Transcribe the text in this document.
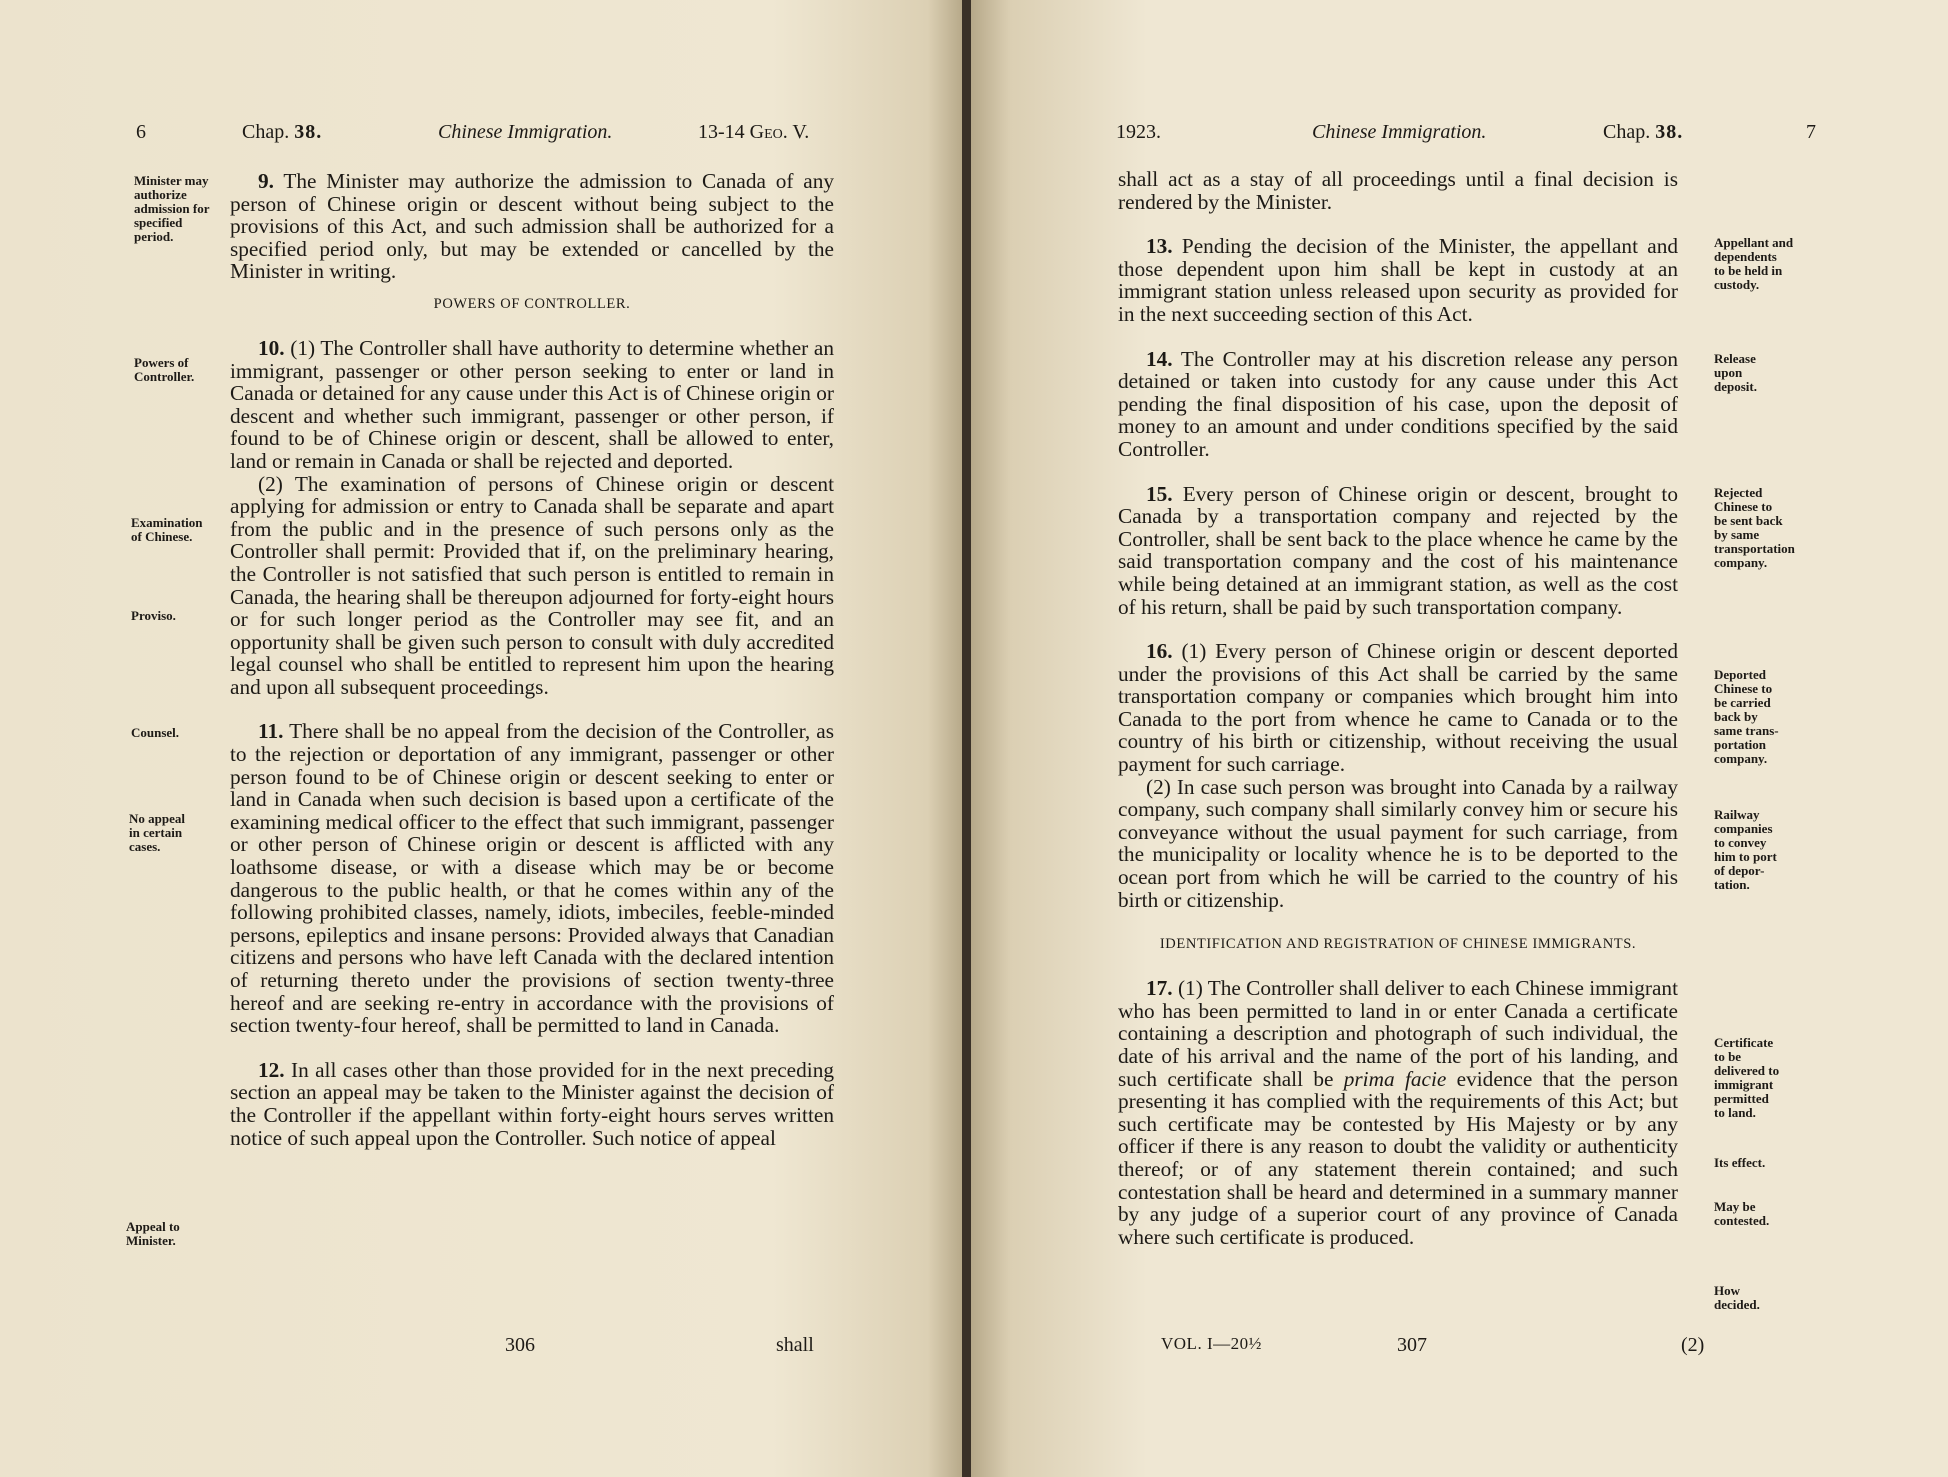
6	Chap. 38.	Chinese Immigration.	13-14 Geo. V.
Minister may
authorize
admission for
specified
period.
Powers of
Controller.
Examination
of Chinese.
Proviso.
Counsel.
No appeal
in certain
cases.
Appeal to
Minister.

9. The Minister may authorize the admission to Canada of any person of Chinese origin or descent without being subject to the provisions of this Act, and such admission shall be authorized for a specified period only, but may be extended or cancelled by the Minister in writing.

POWERS OF CONTROLLER.

10. (1) The Controller shall have authority to determine whether an immigrant, passenger or other person seeking to enter or land in Canada or detained for any cause under this Act is of Chinese origin or descent and whether such immigrant, passenger or other person, if found to be of Chinese origin or descent, shall be allowed to enter, land or remain in Canada or shall be rejected and deported.

(2) The examination of persons of Chinese origin or descent applying for admission or entry to Canada shall be separate and apart from the public and in the presence of such persons only as the Controller shall permit: Provided that if, on the preliminary hearing, the Controller is not satisfied that such person is entitled to remain in Canada, the hearing shall be thereupon adjourned for forty-eight hours or for such longer period as the Controller may see fit, and an opportunity shall be given such person to consult with duly accredited legal counsel who shall be entitled to represent him upon the hearing and upon all subsequent proceedings.

11. There shall be no appeal from the decision of the Controller, as to the rejection or deportation of any immigrant, passenger or other person found to be of Chinese origin or descent seeking to enter or land in Canada when such decision is based upon a certificate of the examining medical officer to the effect that such immigrant, passenger or other person of Chinese origin or descent is afflicted with any loathsome disease, or with a disease which may be or become dangerous to the public health, or that he comes within any of the following prohibited classes, namely, idiots, imbeciles, feeble-minded persons, epileptics and insane persons: Provided always that Canadian citizens and persons who have left Canada with the declared intention of returning thereto under the provisions of section twenty-three hereof and are seeking re-entry in accordance with the provisions of section twenty-four hereof, shall be permitted to land in Canada.

12. In all cases other than those provided for in the next preceding section an appeal may be taken to the Minister against the decision of the Controller if the appellant within forty-eight hours serves written notice of such appeal upon the Controller. Such notice of appeal

306	shall
1923.	Chinese Immigration.	Chap. 38.	7

shall act as a stay of all proceedings until a final decision is rendered by the Minister.

13. Pending the decision of the Minister, the appellant and those dependent upon him shall be kept in custody at an immigrant station unless released upon security as provided for in the next succeeding section of this Act.

14. The Controller may at his discretion release any person detained or taken into custody for any cause under this Act pending the final disposition of his case, upon the deposit of money to an amount and under conditions specified by the said Controller.

15. Every person of Chinese origin or descent, brought to Canada by a transportation company and rejected by the Controller, shall be sent back to the place whence he came by the said transportation company and the cost of his maintenance while being detained at an immigrant station, as well as the cost of his return, shall be paid by such transportation company.

16. (1) Every person of Chinese origin or descent deported under the provisions of this Act shall be carried by the same transportation company or companies which brought him into Canada to the port from whence he came to Canada or to the country of his birth or citizenship, without receiving the usual payment for such carriage.

(2) In case such person was brought into Canada by a railway company, such company shall similarly convey him or secure his conveyance without the usual payment for such carriage, from the municipality or locality whence he is to be deported to the ocean port from which he will be carried to the country of his birth or citizenship.

IDENTIFICATION AND REGISTRATION OF CHINESE IMMIGRANTS.

17. (1) The Controller shall deliver to each Chinese immigrant who has been permitted to land in or enter Canada a certificate containing a description and photograph of such individual, the date of his arrival and the name of the port of his landing, and such certificate shall be prima facie evidence that the person presenting it has complied with the requirements of this Act; but such certificate may be contested by His Majesty or by any officer if there is any reason to doubt the validity or authenticity thereof; or of any statement therein contained; and such contestation shall be heard and determined in a summary manner by any judge of a superior court of any province of Canada where such certificate is produced.

Appellant and
dependents
to be held in
custody.
Release
upon
deposit.
Rejected
Chinese to
be sent back
by same
transportation
company.
Deported
Chinese to
be carried
back by
same trans-
portation
company.
Railway
companies
to convey
him to port
of depor-
tation.
Certificate
to be
delivered to
immigrant
permitted
to land.
Its effect.
May be
contested.
How
decided.
VOL. I—20½	307	(2)
